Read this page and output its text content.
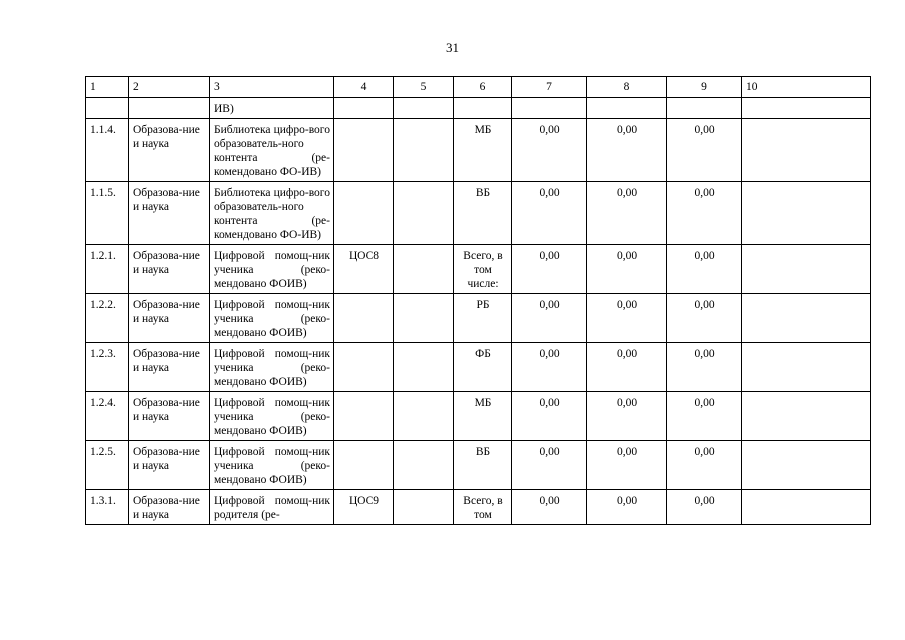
31
1	2	3	4	5	6	7	8	9	10
		ИВ)							
1.1.4.	Образова-ние и наука	Библиотека цифро-вого образователь-ного контента (ре-комендовано ФО-ИВ)			МБ	0,00	0,00	0,00	
1.1.5.	Образова-ние и наука	Библиотека цифро-вого образователь-ного контента (ре-комендовано ФО-ИВ)			ВБ	0,00	0,00	0,00	
1.2.1.	Образова-ние и наука	Цифровой помощ-ник ученика (реко-мендовано ФОИВ)	ЦОС8		Всего, в том числе:	0,00	0,00	0,00	
1.2.2.	Образова-ние и наука	Цифровой помощ-ник ученика (реко-мендовано ФОИВ)			РБ	0,00	0,00	0,00	
1.2.3.	Образова-ние и наука	Цифровой помощ-ник ученика (реко-мендовано ФОИВ)			ФБ	0,00	0,00	0,00	
1.2.4.	Образова-ние и наука	Цифровой помощ-ник ученика (реко-мендовано ФОИВ)			МБ	0,00	0,00	0,00	
1.2.5.	Образова-ние и наука	Цифровой помощ-ник ученика (реко-мендовано ФОИВ)			ВБ	0,00	0,00	0,00	
1.3.1.	Образова-ние и наука	Цифровой помощ-ник родителя (ре-	ЦОС9		Всего, в том	0,00	0,00	0,00	
